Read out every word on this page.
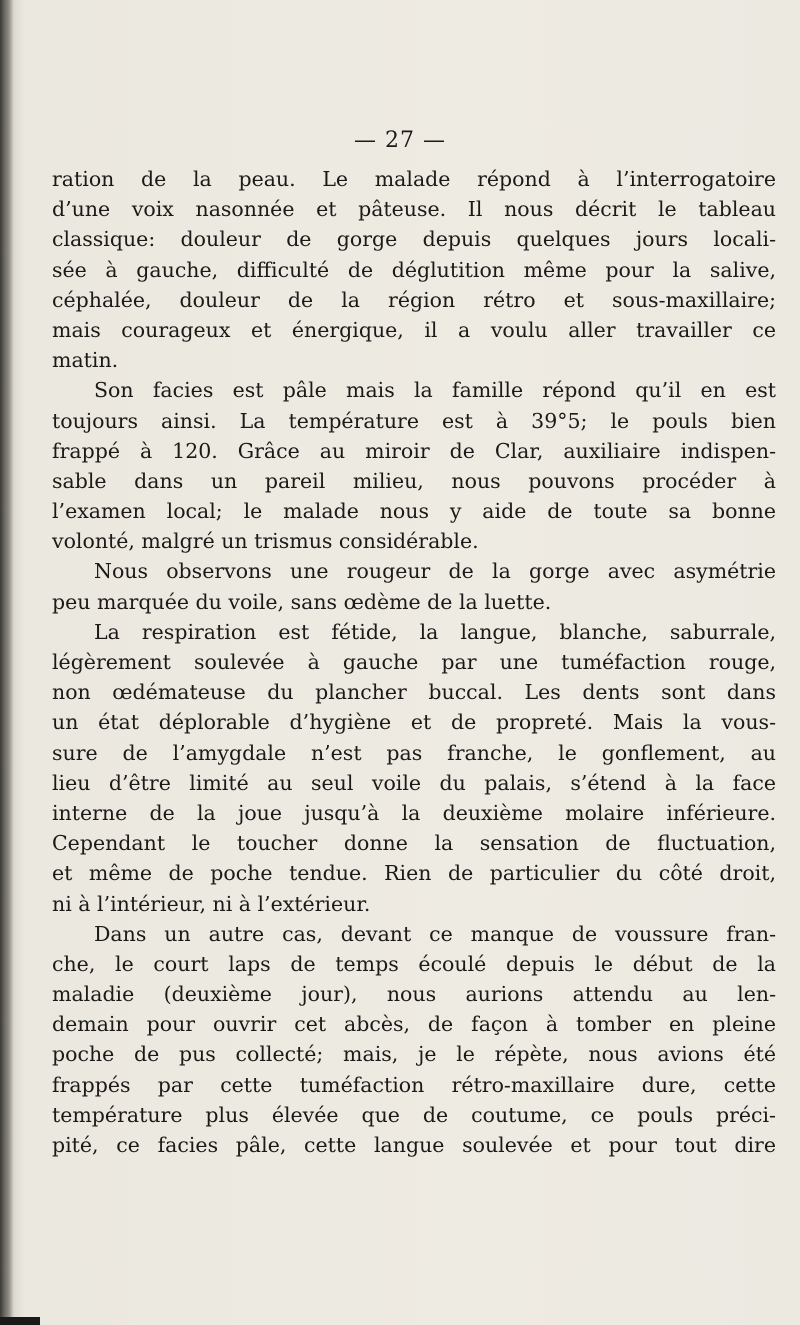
— 27 —
ration de la peau. Le malade répond à l’interrogatoire
d’une voix nasonnée et pâteuse. Il nous décrit le tableau
classique: douleur de gorge depuis quelques jours locali-
sée à gauche, difficulté de déglutition même pour la salive,
céphalée, douleur de la région rétro et sous-maxillaire;
mais courageux et énergique, il a voulu aller travailler ce
matin.
Son facies est pâle mais la famille répond qu’il en est
toujours ainsi. La température est à 39°5; le pouls bien
frappé à 120. Grâce au miroir de Clar, auxiliaire indispen-
sable dans un pareil milieu, nous pouvons procéder à
l’examen local; le malade nous y aide de toute sa bonne
volonté, malgré un trismus considérable.
Nous observons une rougeur de la gorge avec asymétrie
peu marquée du voile, sans œdème de la luette.
La respiration est fétide, la langue, blanche, saburrale,
légèrement soulevée à gauche par une tuméfaction rouge,
non œdémateuse du plancher buccal. Les dents sont dans
un état déplorable d’hygiène et de propreté. Mais la vous-
sure de l’amygdale n’est pas franche, le gonflement, au
lieu d’être limité au seul voile du palais, s’étend à la face
interne de la joue jusqu’à la deuxième molaire inférieure.
Cependant le toucher donne la sensation de fluctuation,
et même de poche tendue. Rien de particulier du côté droit,
ni à l’intérieur, ni à l’extérieur.
Dans un autre cas, devant ce manque de voussure fran-
che, le court laps de temps écoulé depuis le début de la
maladie (deuxième jour), nous aurions attendu au len-
demain pour ouvrir cet abcès, de façon à tomber en pleine
poche de pus collecté; mais, je le répète, nous avions été
frappés par cette tuméfaction rétro-maxillaire dure, cette
température plus élevée que de coutume, ce pouls préci-
pité, ce facies pâle, cette langue soulevée et pour tout dire
